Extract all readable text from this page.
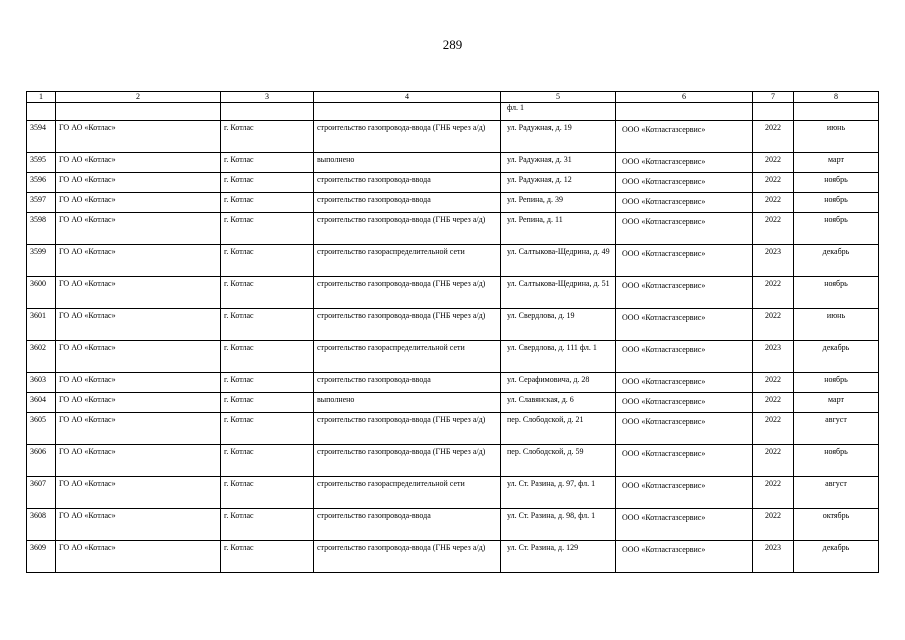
289
1	2	3	4	5	6	7	8
				фл. 1			
3594	ГО АО «Котлас»	г. Котлас	строительство газопровода-ввода (ГНБ через а/д)	ул. Радужная, д. 19	ООО «Котласгазсервис»	2022	июнь
3595	ГО АО «Котлас»	г. Котлас	выполнено	ул. Радужная, д. 31	ООО «Котласгазсервис»	2022	март
3596	ГО АО «Котлас»	г. Котлас	строительство газопровода-ввода	ул. Радужная, д. 12	ООО «Котласгазсервис»	2022	ноябрь
3597	ГО АО «Котлас»	г. Котлас	строительство газопровода-ввода	ул. Репина, д. 39	ООО «Котласгазсервис»	2022	ноябрь
3598	ГО АО «Котлас»	г. Котлас	строительство газопровода-ввода (ГНБ через а/д)	ул. Репина, д. 11	ООО «Котласгазсервис»	2022	ноябрь
3599	ГО АО «Котлас»	г. Котлас	строительство газораспределительной сети	ул. Салтыкова-Щедрина, д. 49	ООО «Котласгазсервис»	2023	декабрь
3600	ГО АО «Котлас»	г. Котлас	строительство газопровода-ввода (ГНБ через а/д)	ул. Салтыкова-Щедрина, д. 51	ООО «Котласгазсервис»	2022	ноябрь
3601	ГО АО «Котлас»	г. Котлас	строительство газопровода-ввода (ГНБ через а/д)	ул. Свердлова, д. 19	ООО «Котласгазсервис»	2022	июнь
3602	ГО АО «Котлас»	г. Котлас	строительство газораспределительной сети	ул. Свердлова, д. 111 фл. 1	ООО «Котласгазсервис»	2023	декабрь
3603	ГО АО «Котлас»	г. Котлас	строительство газопровода-ввода	ул. Серафимовича, д. 28	ООО «Котласгазсервис»	2022	ноябрь
3604	ГО АО «Котлас»	г. Котлас	выполнено	ул. Славянская, д. 6	ООО «Котласгазсервис»	2022	март
3605	ГО АО «Котлас»	г. Котлас	строительство газопровода-ввода (ГНБ через а/д)	пер. Слободской, д. 21	ООО «Котласгазсервис»	2022	август
3606	ГО АО «Котлас»	г. Котлас	строительство газопровода-ввода (ГНБ через а/д)	пер. Слободской, д. 59	ООО «Котласгазсервис»	2022	ноябрь
3607	ГО АО «Котлас»	г. Котлас	строительство газораспределительной сети	ул. Ст. Разина, д. 97, фл. 1	ООО «Котласгазсервис»	2022	август
3608	ГО АО «Котлас»	г. Котлас	строительство газопровода-ввода	ул. Ст. Разина, д. 98, фл. 1	ООО «Котласгазсервис»	2022	октябрь
3609	ГО АО «Котлас»	г. Котлас	строительство газопровода-ввода (ГНБ через а/д)	ул. Ст. Разина, д. 129	ООО «Котласгазсервис»	2023	декабрь
